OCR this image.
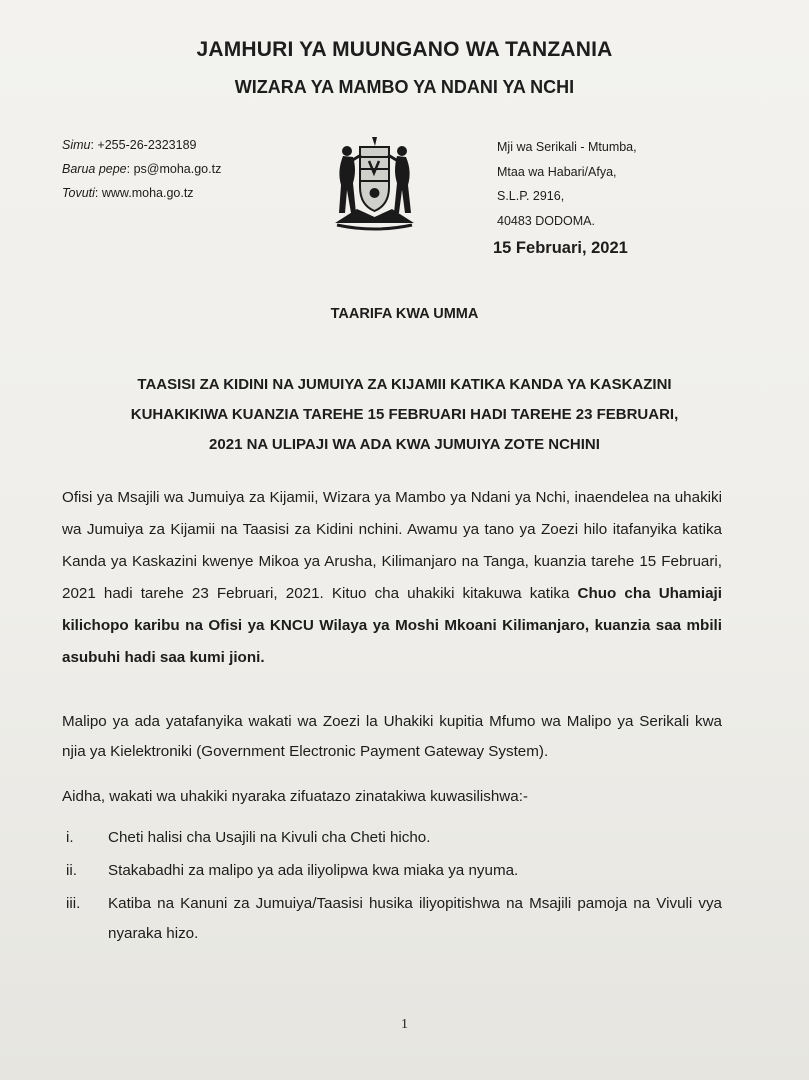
JAMHURI YA MUUNGANO WA TANZANIA
WIZARA YA MAMBO YA NDANI YA NCHI
Simu: +255-26-2323189
Barua pepe: ps@moha.go.tz
Tovuti: www.moha.go.tz
Mji wa Serikali - Mtumba,
Mtaa wa Habari/Afya,
S.L.P. 2916,
40483 DODOMA.
15 Februari, 2021
TAARIFA KWA UMMA
TAASISI ZA KIDINI NA JUMUIYA ZA KIJAMII KATIKA KANDA YA KASKAZINI
KUHAKIKIWA KUANZIA TAREHE 15 FEBRUARI HADI TAREHE 23 FEBRUARI,
2021 NA ULIPAJI WA ADA KWA JUMUIYA ZOTE NCHINI
Ofisi ya Msajili wa Jumuiya za Kijamii, Wizara ya Mambo ya Ndani ya Nchi, inaendelea na uhakiki wa Jumuiya za Kijamii na Taasisi za Kidini nchini. Awamu ya tano ya Zoezi hilo itafanyika katika Kanda ya Kaskazini kwenye Mikoa ya Arusha, Kilimanjaro na Tanga, kuanzia tarehe 15 Februari, 2021 hadi tarehe 23 Februari, 2021. Kituo cha uhakiki kitakuwa katika Chuo cha Uhamiaji kilichopo karibu na Ofisi ya KNCU Wilaya ya Moshi Mkoani Kilimanjaro, kuanzia saa mbili asubuhi hadi saa kumi jioni.
Malipo ya ada yatafanyika wakati wa Zoezi la Uhakiki kupitia Mfumo wa Malipo ya Serikali kwa njia ya Kielektroniki (Government Electronic Payment Gateway System).
Aidha, wakati wa uhakiki nyaraka zifuatazo zinatakiwa kuwasilishwa:-
i. Cheti halisi cha Usajili na Kivuli cha Cheti hicho.
ii. Stakabadhi za malipo ya ada iliyolipwa kwa miaka ya nyuma.
iii. Katiba na Kanuni za Jumuiya/Taasisi husika iliyopitishwa na Msajili pamoja na Vivuli vya nyaraka hizo.
1
